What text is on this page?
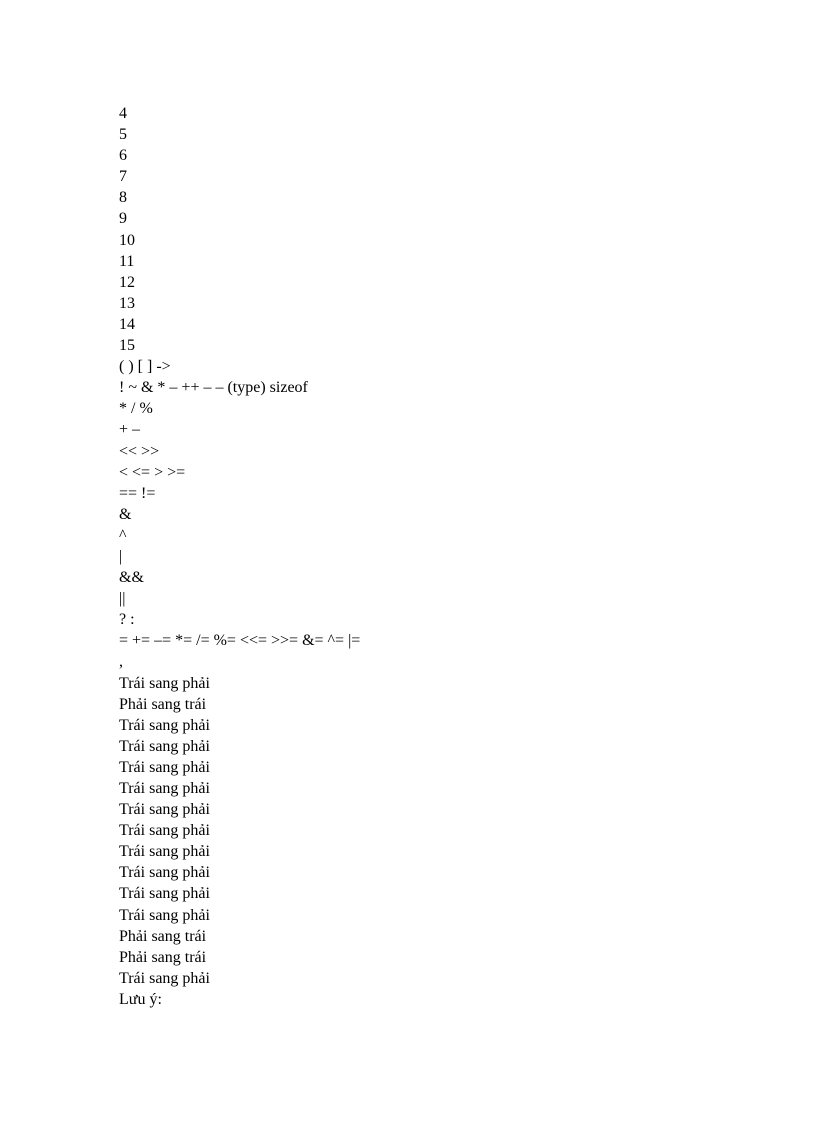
4
5
6
7
8
9
10
11
12
13
14
15
( ) [ ] ->
! ~ & * – ++ – – (type) sizeof
* / %
+ –
<< >>
< <= > >=
== !=
&
^
|
&&
||
? :
= += –= *= /= %= <<= >>= &= ^= |=
,
Trái sang phải
Phải sang trái
Trái sang phải
Trái sang phải
Trái sang phải
Trái sang phải
Trái sang phải
Trái sang phải
Trái sang phải
Trái sang phải
Trái sang phải
Trái sang phải
Phải sang trái
Phải sang trái
Trái sang phải
Lưu ý:
